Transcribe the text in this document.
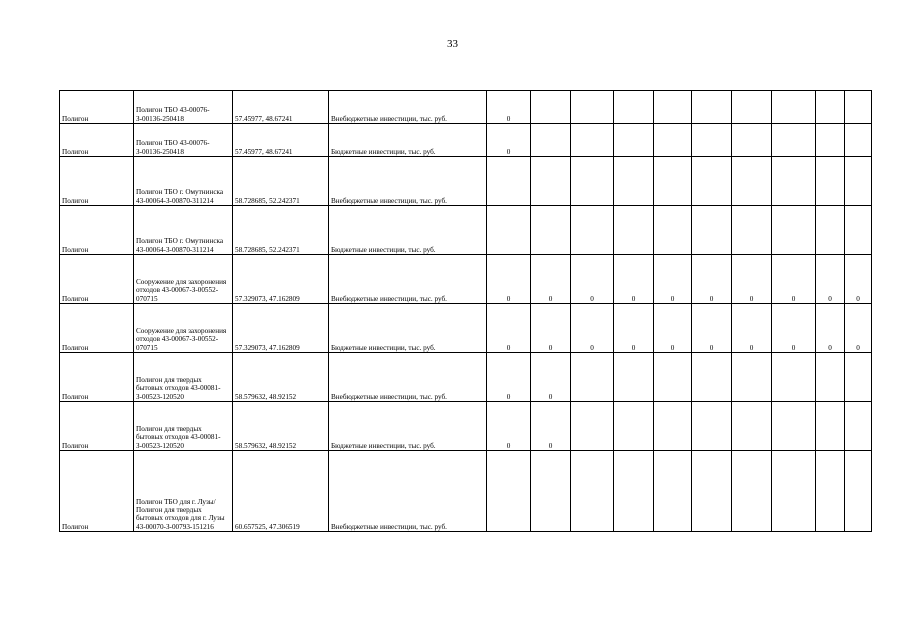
33
Полигон	Полигон ТБО 43-00076-З-00136-250418	57.45977, 48.67241	Внебюджетные инвестиции, тыс. руб.	0									
Полигон	Полигон ТБО 43-00076-З-00136-250418	57.45977, 48.67241	Бюджетные инвестиции, тыс. руб.	0									
Полигон	Полигон ТБО г. Омутнинска 43-00064-З-00870-311214	58.728685, 52.242371	Внебюджетные инвестиции, тыс. руб.										
Полигон	Полигон ТБО г. Омутнинска 43-00064-З-00870-311214	58.728685, 52.242371	Бюджетные инвестиции, тыс. руб.										
Полигон	Сооружение для захоронения отходов 43-00067-З-00552-070715	57.329073, 47.162809	Внебюджетные инвестиции, тыс. руб.	0	0	0	0	0	0	0	0	0	0
Полигон	Сооружение для захоронения отходов 43-00067-З-00552-070715	57.329073, 47.162809	Бюджетные инвестиции, тыс. руб.	0	0	0	0	0	0	0	0	0	0
Полигон	Полигон для твердых бытовых отходов 43-00081-З-00523-120520	58.579632, 48.92152	Внебюджетные инвестиции, тыс. руб.	0	0								
Полигон	Полигон для твердых бытовых отходов 43-00081-З-00523-120520	58.579632, 48.92152	Бюджетные инвестиции, тыс. руб.	0	0								
Полигон	Полигон ТБО для г. Лузы/ Полигон для твердых бытовых отходов для г. Лузы 43-00070-З-00793-151216	60.657525, 47.306519	Внебюджетные инвестиции, тыс. руб.										
